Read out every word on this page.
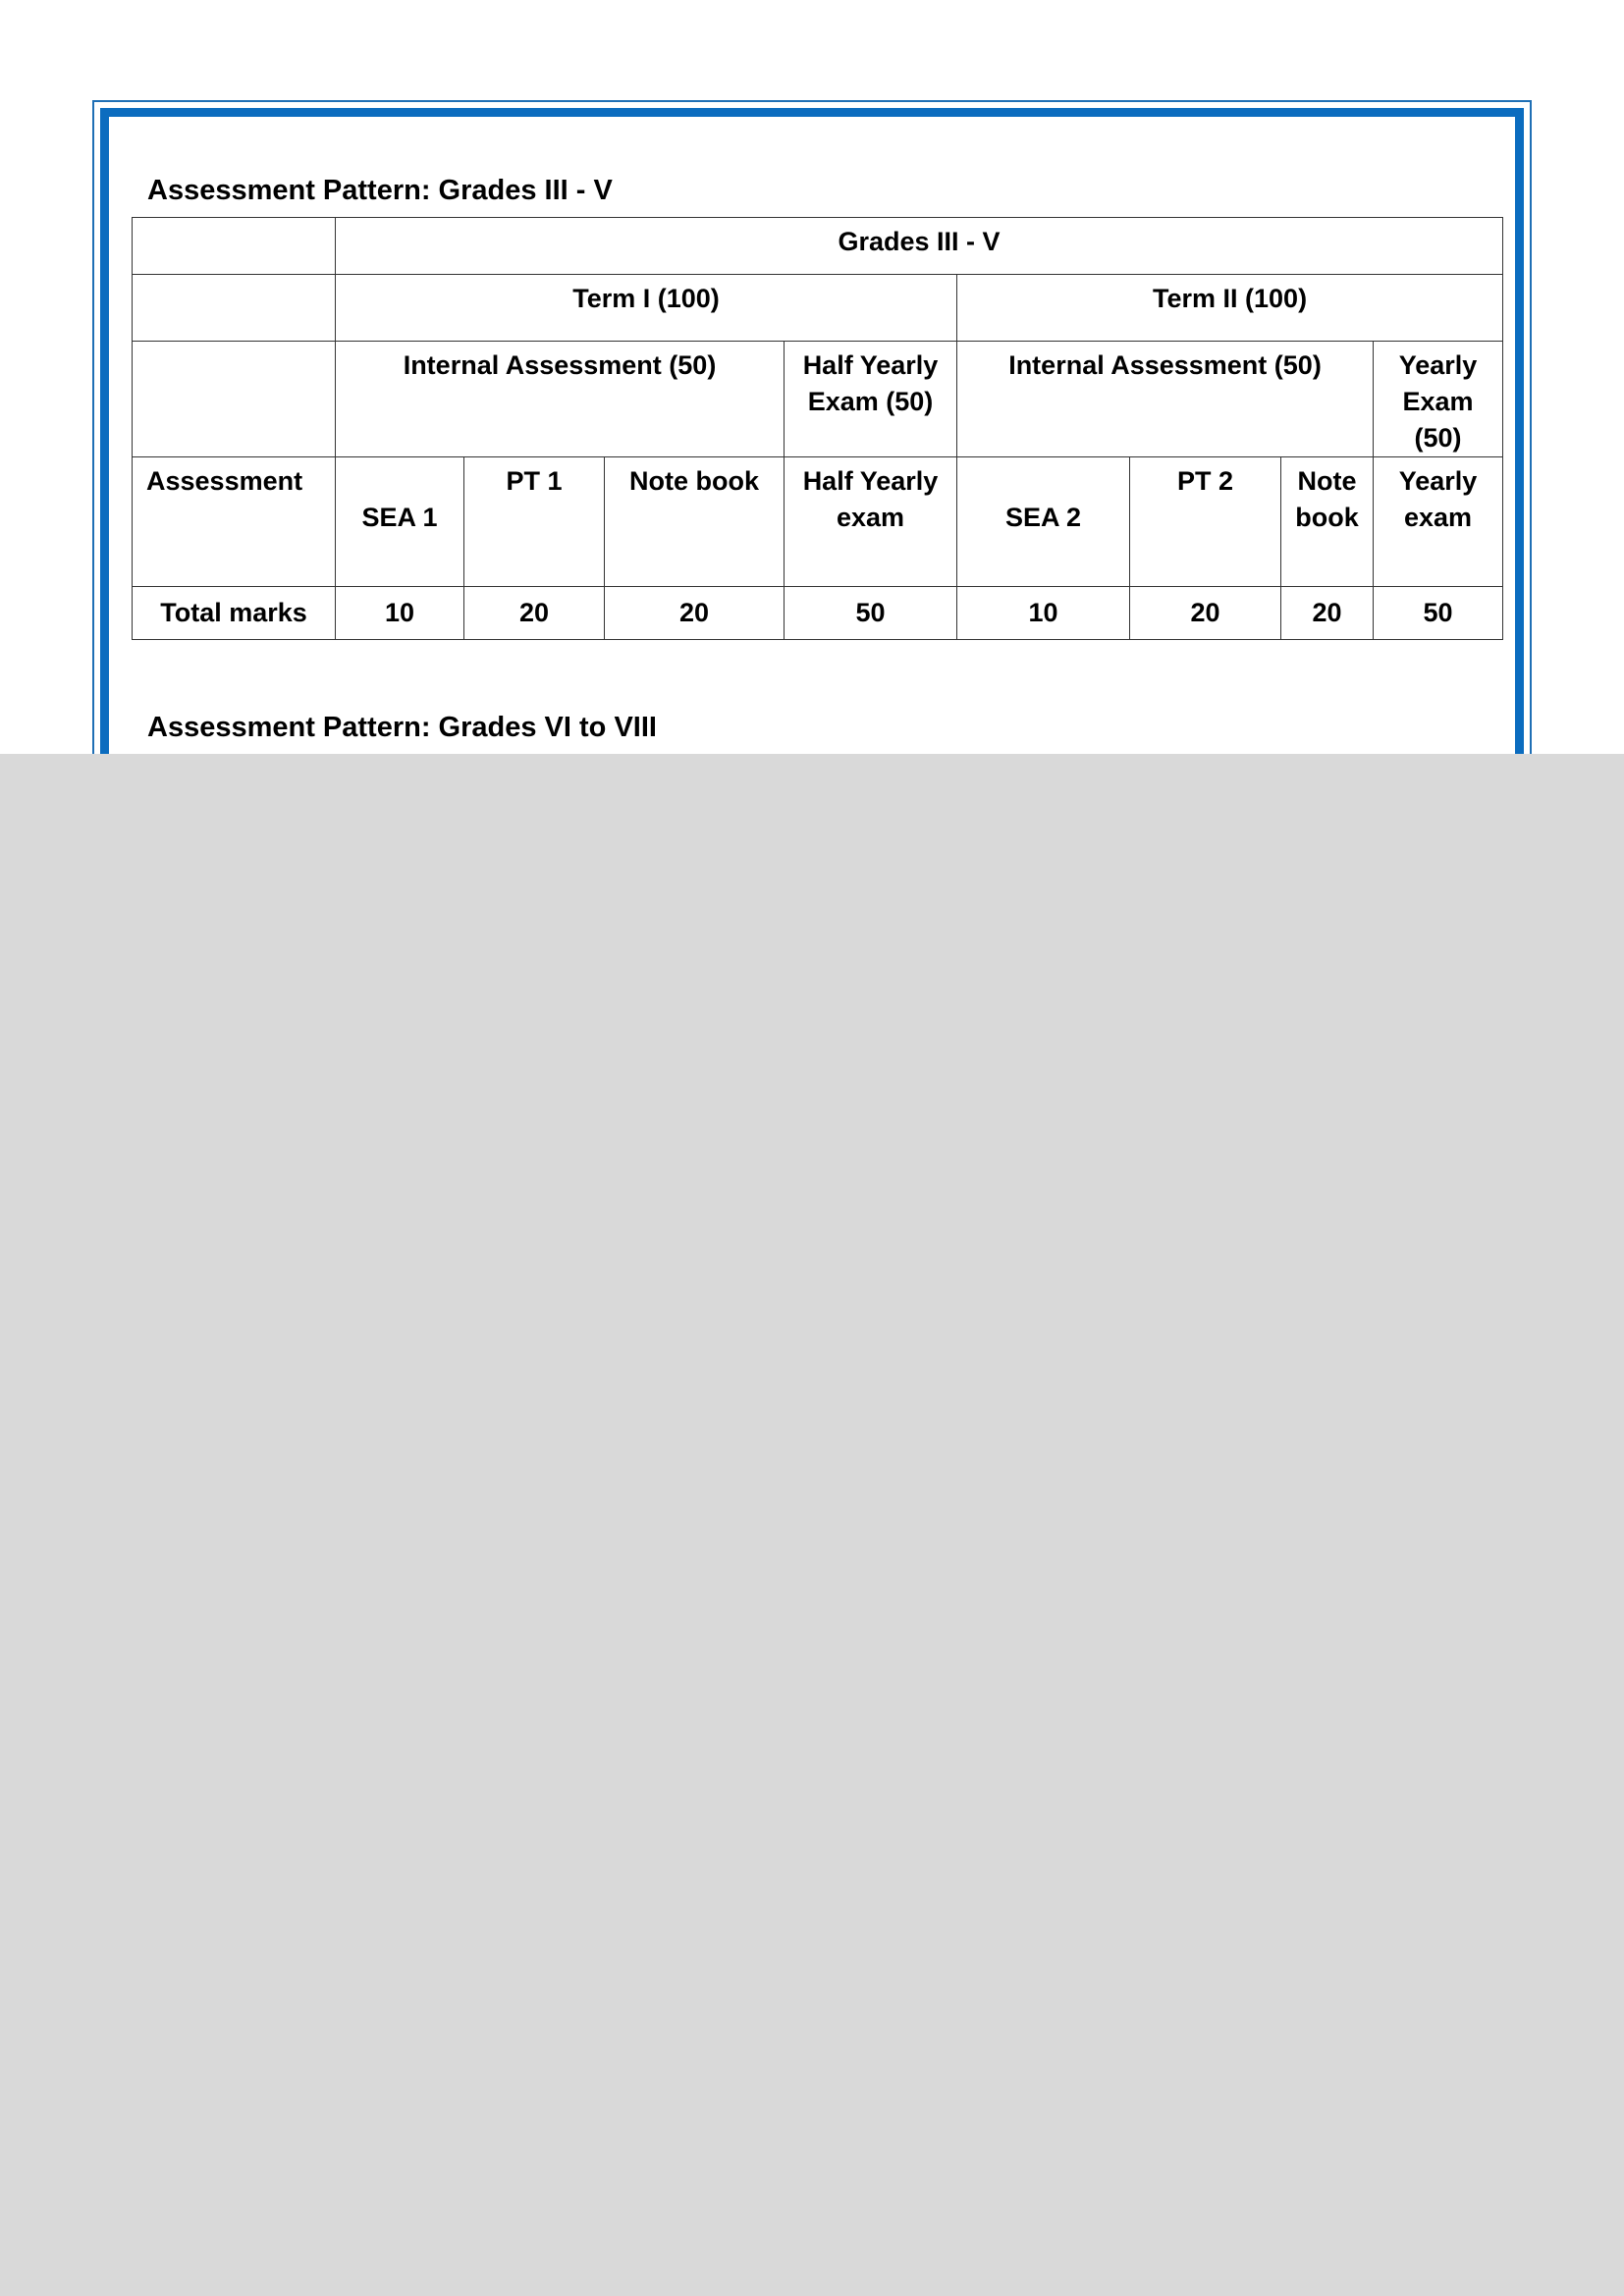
Assessment Pattern: Grades III - V
	Grades III - V							
	Term I (100)				Term II (100)			
	Internal Assessment (50)			Half Yearly Exam (50)	Internal Assessment (50)			Yearly Exam (50)
Assessment	SEA 1	PT 1	Note book	Half Yearly exam	SEA 2	PT 2	Note book	Yearly exam
Total marks	10	20	20	50	10	20	20	50
Assessment Pattern: Grades VI to VIII
